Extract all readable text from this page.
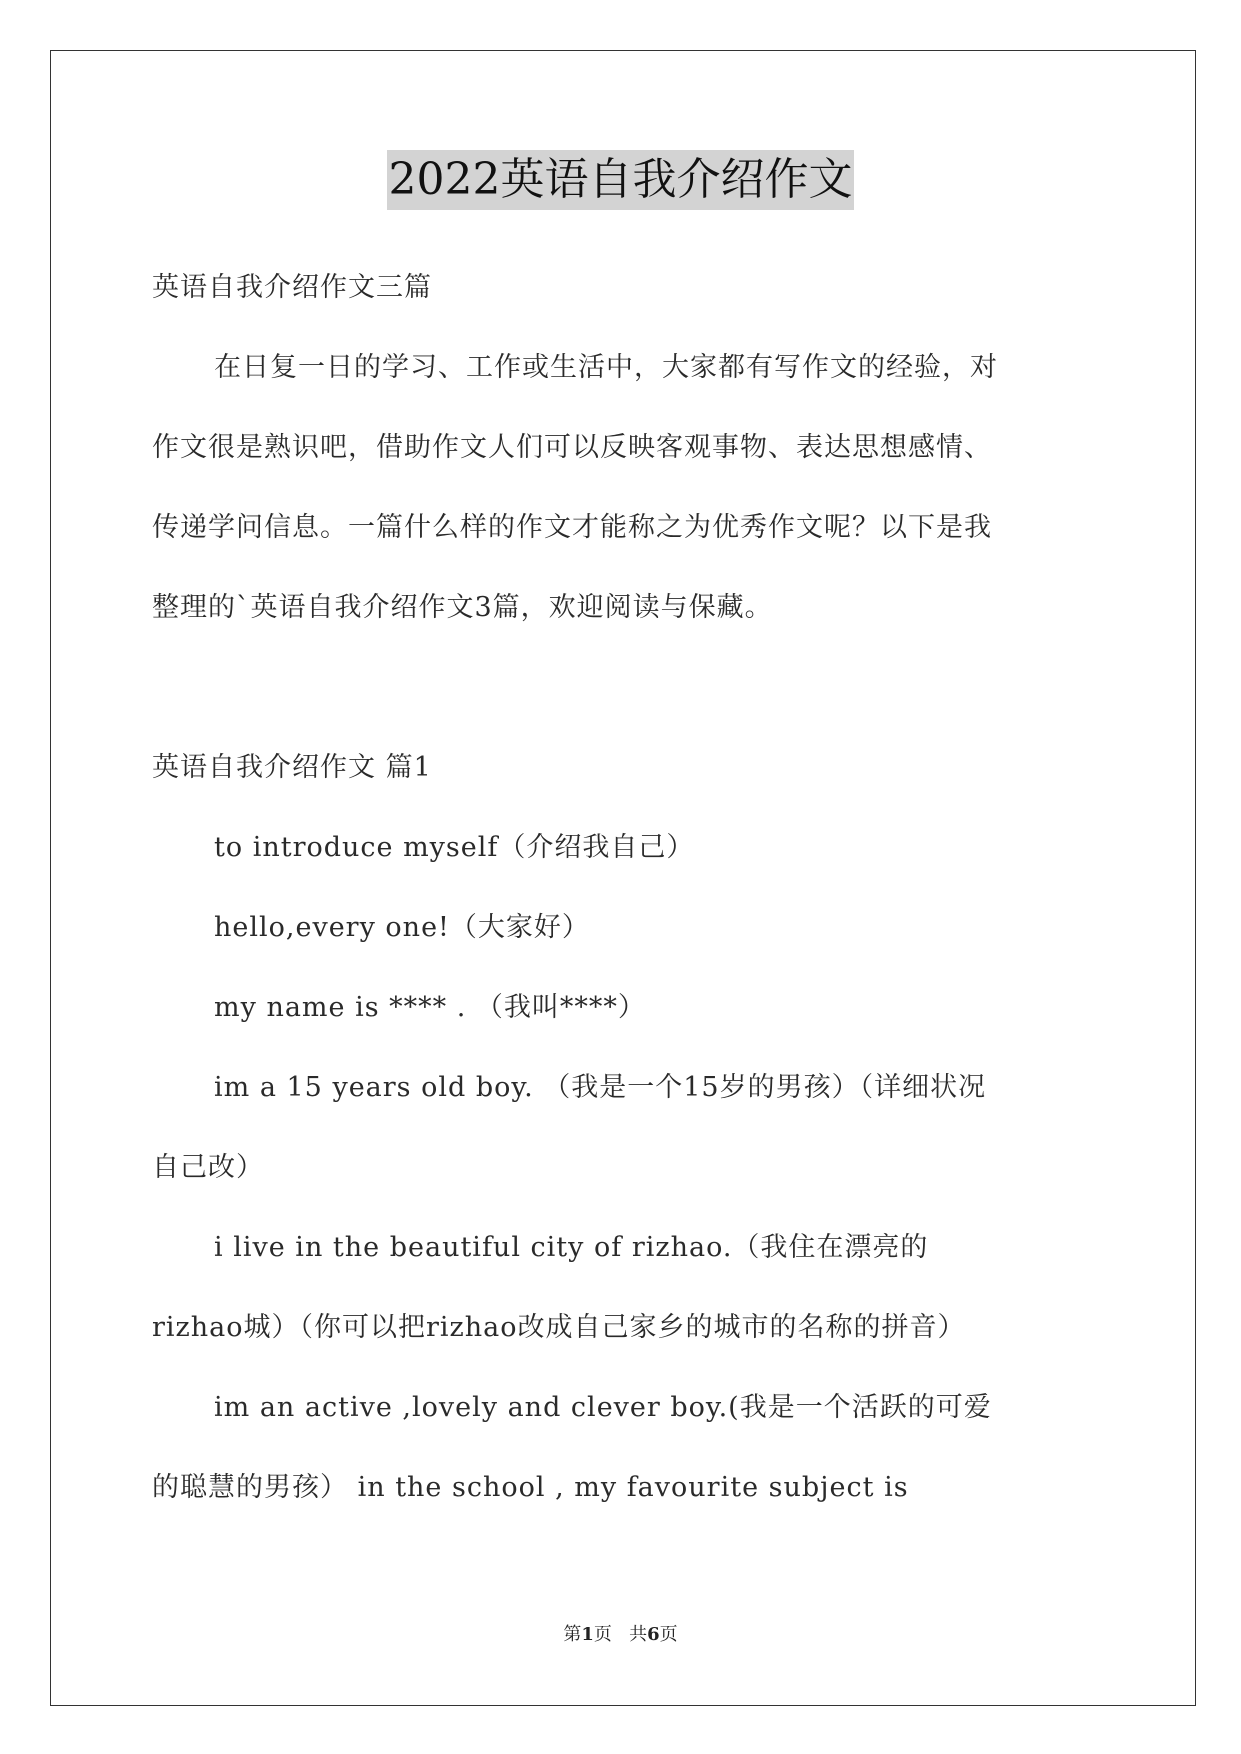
2022英语自我介绍作文
英语自我介绍作文三篇
在日复一日的学习、工作或生活中，大家都有写作文的经验，对
作文很是熟识吧，借助作文人们可以反映客观事物、表达思想感情、
传递学问信息。一篇什么样的作文才能称之为优秀作文呢？以下是我
整理的`英语自我介绍作文3篇，欢迎阅读与保藏。
英语自我介绍作文 篇1
to introduce myself（介绍我自己）
hello,every one!（大家好）
my name is **** . （我叫****）
im a 15 years old boy. （我是一个15岁的男孩）（详细状况
自己改）
i live in the beautiful city of rizhao.（我住在漂亮的
rizhao城）（你可以把rizhao改成自己家乡的城市的名称的拼音）
im an active ,lovely and clever boy.(我是一个活跃的可爱
的聪慧的男孩） in the school , my favourite subject is
第1页   共6页
